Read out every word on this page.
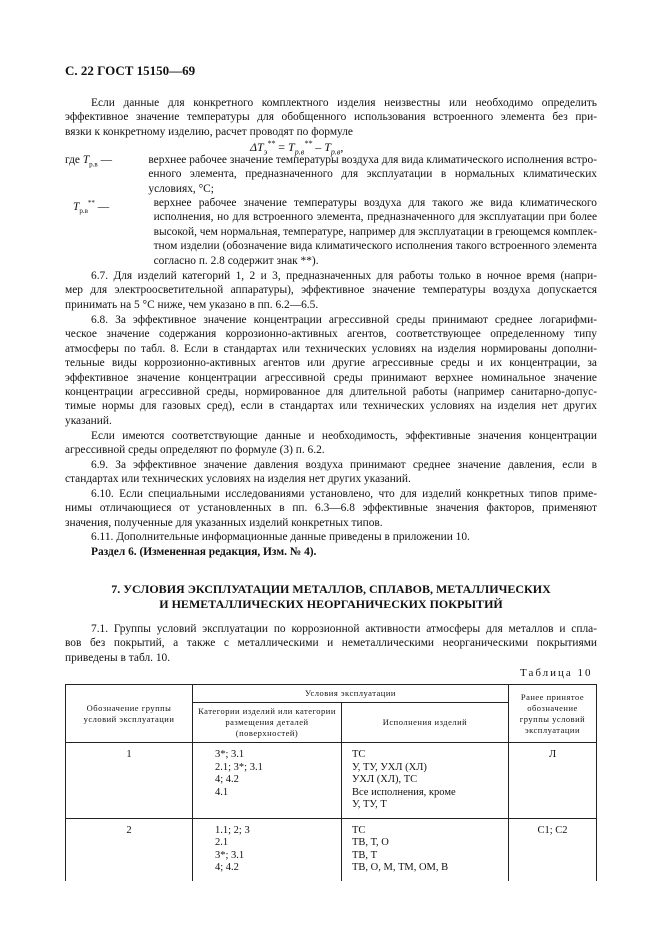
С. 22 ГОСТ 15150—69
Если данные для конкретного комплектного изделия неизвестны или необходимо определить
эффективное значение температуры для обобщенного использования встроенного элемента без при-
вязки к конкретному изделию, расчет проводят по формуле
$\Delta T_э^{**} = T_{р.в}^{**} - T_{р.в}$,
где $T_{р.в}$ —	верхнее рабочее значение температуры воздуха для вида климатического исполнения встро-
енного элемента, предназначенного для эксплуатации в нормальных климатических
условиях, °С;
$T_{р.в}^{**}$ —	верхнее рабочее значение температуры воздуха для такого же вида климатического
исполнения, но для встроенного элемента, предназначенного для эксплуатации при более
высокой, чем нормальная, температуре, например для эксплуатации в греющемся комплек-
тном изделии (обозначение вида климатического исполнения такого встроенного элемента
согласно п. 2.8 содержит знак **).
6.7. Для изделий категорий 1, 2 и 3, предназначенных для работы только в ночное время (напри-
мер для электроосветительной аппаратуры), эффективное значение температуры воздуха допускается
принимать на 5 °С ниже, чем указано в пп. 6.2—6.5.
6.8. За эффективное значение концентрации агрессивной среды принимают среднее логарифми-
ческое значение содержания коррозионно-активных агентов, соответствующее определенному типу
атмосферы по табл. 8. Если в стандартах или технических условиях на изделия нормированы дополни-
тельные виды коррозионно-активных агентов или другие агрессивные среды и их концентрации, за
эффективное значение концентрации агрессивной среды принимают верхнее номинальное значение
концентрации агрессивной среды, нормированное для длительной работы (например санитарно-допус-
тимые нормы для газовых сред), если в стандартах или технических условиях на изделия нет других
указаний.
Если имеются соответствующие данные и необходимость, эффективные значения концентрации
агрессивной среды определяют по формуле (3) п. 6.2.
6.9. За эффективное значение давления воздуха принимают среднее значение давления, если в
стандартах или технических условиях на изделия нет других указаний.
6.10. Если специальными исследованиями установлено, что для изделий конкретных типов приме-
нимы отличающиеся от установленных в пп. 6.3—6.8 эффективные значения факторов, применяют
значения, полученные для указанных изделий конкретных типов.
6.11. Дополнительные информационные данные приведены в приложении 10.
Раздел 6. (Измененная редакция, Изм. № 4).
7. УСЛОВИЯ ЭКСПЛУАТАЦИИ МЕТАЛЛОВ, СПЛАВОВ, МЕТАЛЛИЧЕСКИХ
И НЕМЕТАЛЛИЧЕСКИХ НЕОРГАНИЧЕСКИХ ПОКРЫТИЙ
7.1. Группы условий эксплуатации по коррозионной активности атмосферы для металлов и спла-
вов без покрытий, а также с металлическими и неметаллическими неорганическими покрытиями
приведены в табл. 10.
Таблица 10
Обозначение группы условий эксплуатации	Условия эксплуатации		Ранее принятое обозначение группы условий эксплуатации
	Категории изделий или категории размещения деталей (поверхностей)	Исполнения изделий	
1	3*; 3.1
2.1; 3*; 3.1
4; 4.2
4.1	ТС
У, ТУ, УХЛ (ХЛ)
УХЛ (ХЛ), ТС
Все исполнения, кроме
У, ТУ, Т	Л
2	1.1; 2; 3
2.1
3*; 3.1
4; 4.2	ТС
ТВ, Т, О
ТВ, Т
ТВ, О, М, ТМ, ОМ, В	С1; С2
